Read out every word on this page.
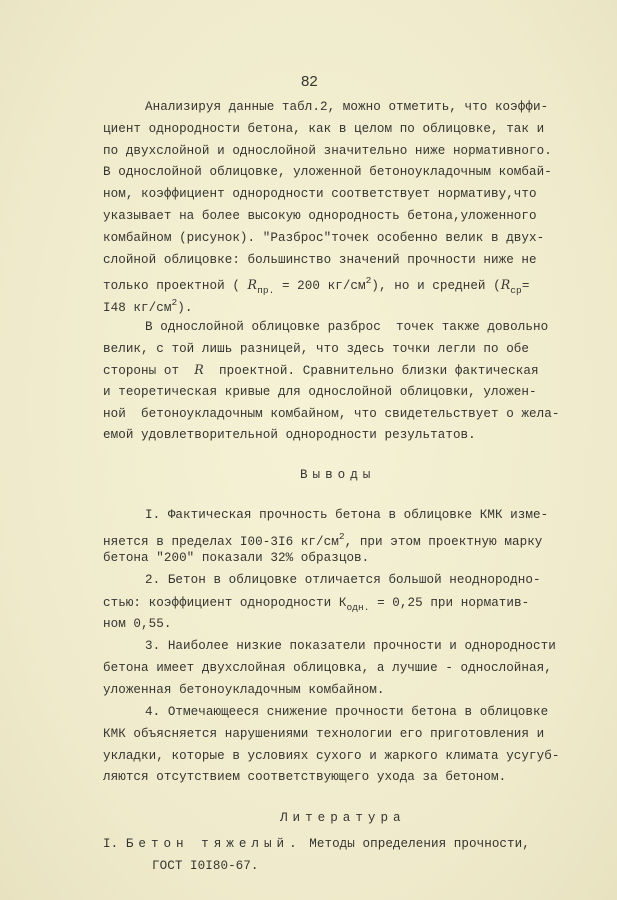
82
Анализируя данные табл.2, можно отметить, что коэффи-
циент однородности бетона, как в целом по облицовке, так и
по двухслойной и однослойной значительно ниже нормативного.
В однослойной облицовке, уложенной бетоноукладочным комбай-
ном, коэффициент однородности соответствует нормативу,что
указывает на более высокую однородность бетона,уложенного
комбайном (рисунок). "Разброс"точек особенно велик в двух-
слойной облицовке: большинство значений прочности ниже не
только проектной ( $R_{пр.} = 200$ $кг/см^2$), но и средней ($R_{ср}=$
I48 $кг/см^2$).
В однослойной облицовке разброс  точек также довольно
велик, с той лишь разницей, что здесь точки легли по обе
стороны от  R  проектной. Сравнительно близки фактическая
и теоретическая кривые для однослойной облицовки, уложен-
ной  бетоноукладочным комбайном, что свидетельствует о жела-
емой удовлетворительной однородности результатов.
Выводы
I. Фактическая прочность бетона в облицовке КМК изме-
няется в пределах I00-3I6 $кг/см^2$, при этом проектную марку
бетона "200" показали 32% образцов.
2. Бетон в облицовке отличается большой неоднородно-
стью: коэффициент однородности $К_{одн.} = 0,25$ при норматив-
ном 0,55.
3. Наиболее низкие показатели прочности и однородности
бетона имеет двухслойная облицовка, а лучшие - однослойная,
уложенная бетоноукладочным комбайном.
4. Отмечающееся снижение прочности бетона в облицовке
КМК объясняется нарушениями технологии его приготовления и
укладки, которые в условиях сухого и жаркого климата усугуб-
ляются отсутствием соответствующего ухода за бетоном.
Литература
I. Бетон тяжелый. Методы определения прочности,
ГОСТ I0I80-67.
